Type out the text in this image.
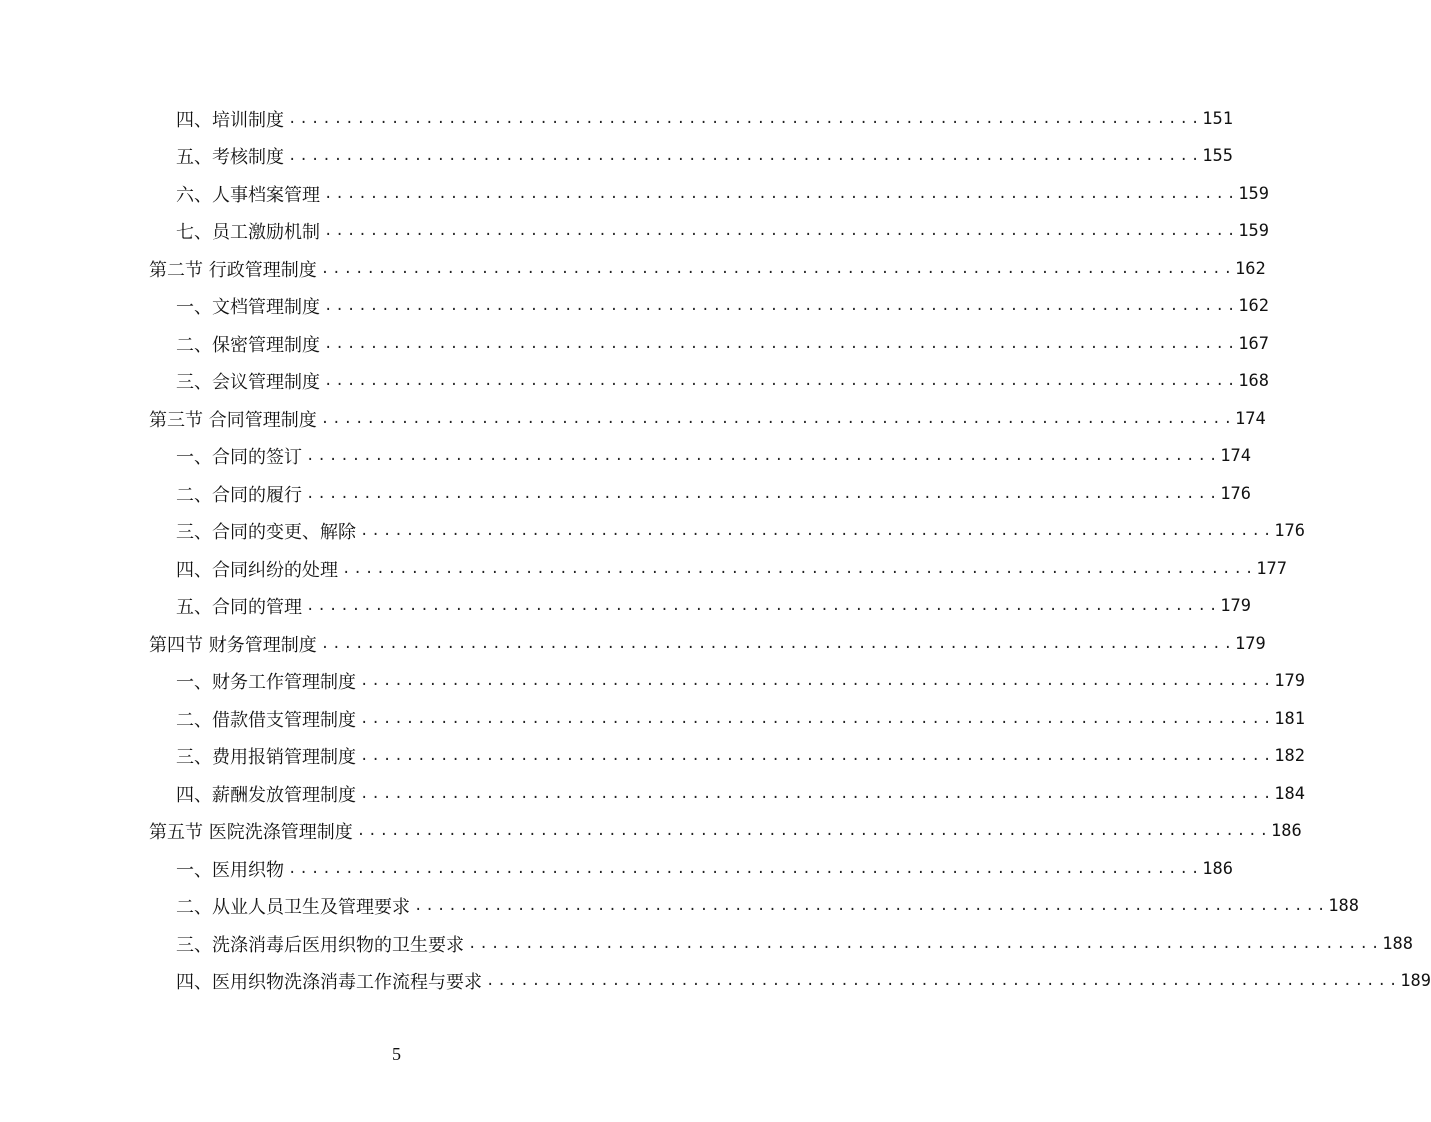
四、培训制度 ................................................................................ 151
五、考核制度 ................................................................................ 155
六、人事档案管理 ................................................................................ 159
七、员工激励机制 ................................................................................ 159
第二节 行政管理制度 ................................................................................ 162
一、文档管理制度 ................................................................................ 162
二、保密管理制度 ................................................................................ 167
三、会议管理制度 ................................................................................ 168
第三节 合同管理制度 ................................................................................ 174
一、合同的签订 ................................................................................ 174
二、合同的履行 ................................................................................ 176
三、合同的变更、解除 ................................................................................ 176
四、合同纠纷的处理 ................................................................................ 177
五、合同的管理 ................................................................................ 179
第四节 财务管理制度 ................................................................................ 179
一、财务工作管理制度 ................................................................................ 179
二、借款借支管理制度 ................................................................................ 181
三、费用报销管理制度 ................................................................................ 182
四、薪酬发放管理制度 ................................................................................ 184
第五节 医院洗涤管理制度 ................................................................................ 186
一、医用织物 ................................................................................ 186
二、从业人员卫生及管理要求 ................................................................................ 188
三、洗涤消毒后医用织物的卫生要求 ................................................................................ 188
四、医用织物洗涤消毒工作流程与要求 ................................................................................ 189
5
